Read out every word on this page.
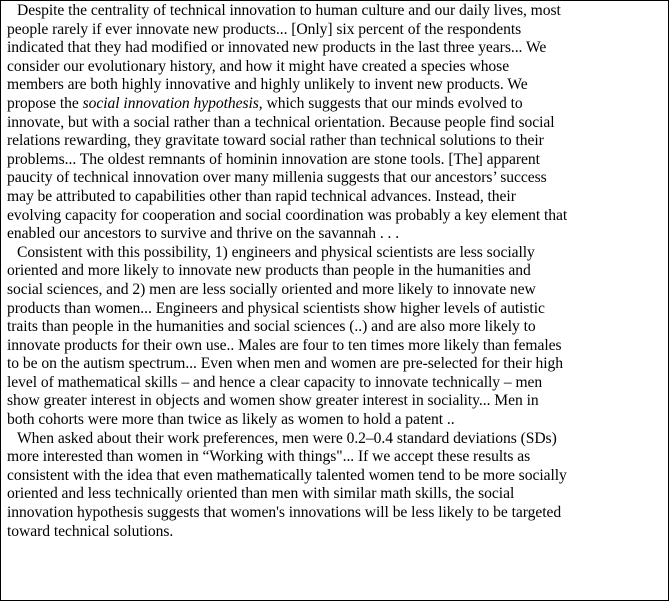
Despite the centrality of technical innovation to human culture and our daily lives, most
people rarely if ever innovate new products... [Only] six percent of the respondents
indicated that they had modified or innovated new products in the last three years... We
consider our evolutionary history, and how it might have created a species whose
members are both highly innovative and highly unlikely to invent new products. We
propose the social innovation hypothesis, which suggests that our minds evolved to
innovate, but with a social rather than a technical orientation. Because people find social
relations rewarding, they gravitate toward social rather than technical solutions to their
problems... The oldest remnants of hominin innovation are stone tools. [The] apparent
paucity of technical innovation over many millenia suggests that our ancestors’ success
may be attributed to capabilities other than rapid technical advances. Instead, their
evolving capacity for cooperation and social coordination was probably a key element that
enabled our ancestors to survive and thrive on the savannah . . .

Consistent with this possibility, 1) engineers and physical scientists are less socially
oriented and more likely to innovate new products than people in the humanities and
social sciences, and 2) men are less socially oriented and more likely to innovate new
products than women... Engineers and physical scientists show higher levels of autistic
traits than people in the humanities and social sciences (..) and are also more likely to
innovate products for their own use.. Males are four to ten times more likely than females
to be on the autism spectrum... Even when men and women are pre-selected for their high
level of mathematical skills – and hence a clear capacity to innovate technically – men
show greater interest in objects and women show greater interest in sociality... Men in
both cohorts were more than twice as likely as women to hold a patent ..

When asked about their work preferences, men were 0.2–0.4 standard deviations (SDs)
more interested than women in “Working with things"... If we accept these results as
consistent with the idea that even mathematically talented women tend to be more socially
oriented and less technically oriented than men with similar math skills, the social
innovation hypothesis suggests that women's innovations will be less likely to be targeted
toward technical solutions.
